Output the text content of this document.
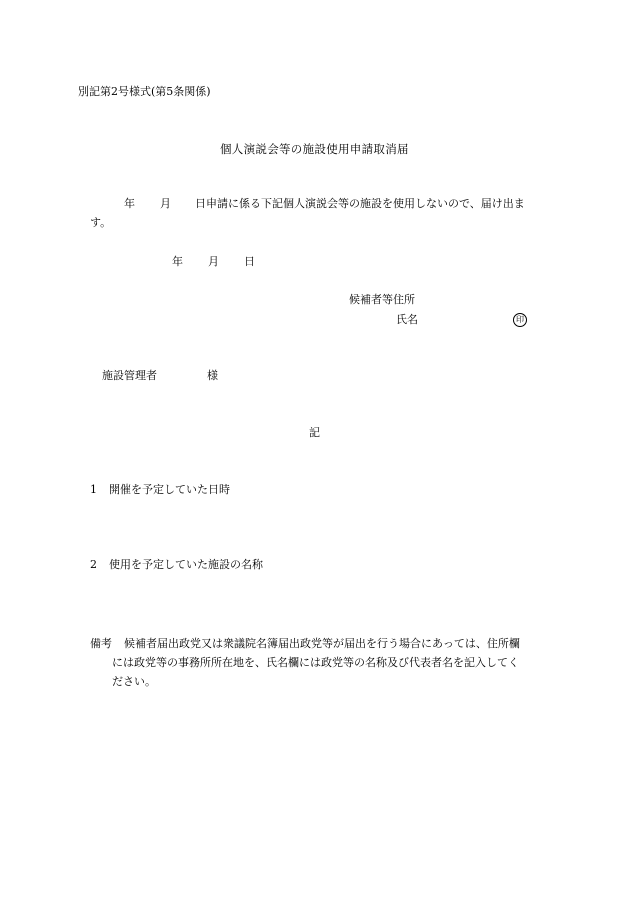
別記第2号様式(第5条関係)
個人演説会等の施設使用申請取消届
年 月 日申請に係る下記個人演説会等の施設を使用しないので、届け出ま
す。
年 月 日
候補者等住所
氏名	印
施設管理者	様
記
1 開催を予定していた日時
2 使用を予定していた施設の名称
備考 候補者届出政党又は衆議院名簿届出政党等が届出を行う場合にあっては、住所欄
には政党等の事務所所在地を、氏名欄には政党等の名称及び代表者名を記入してく
ださい。
